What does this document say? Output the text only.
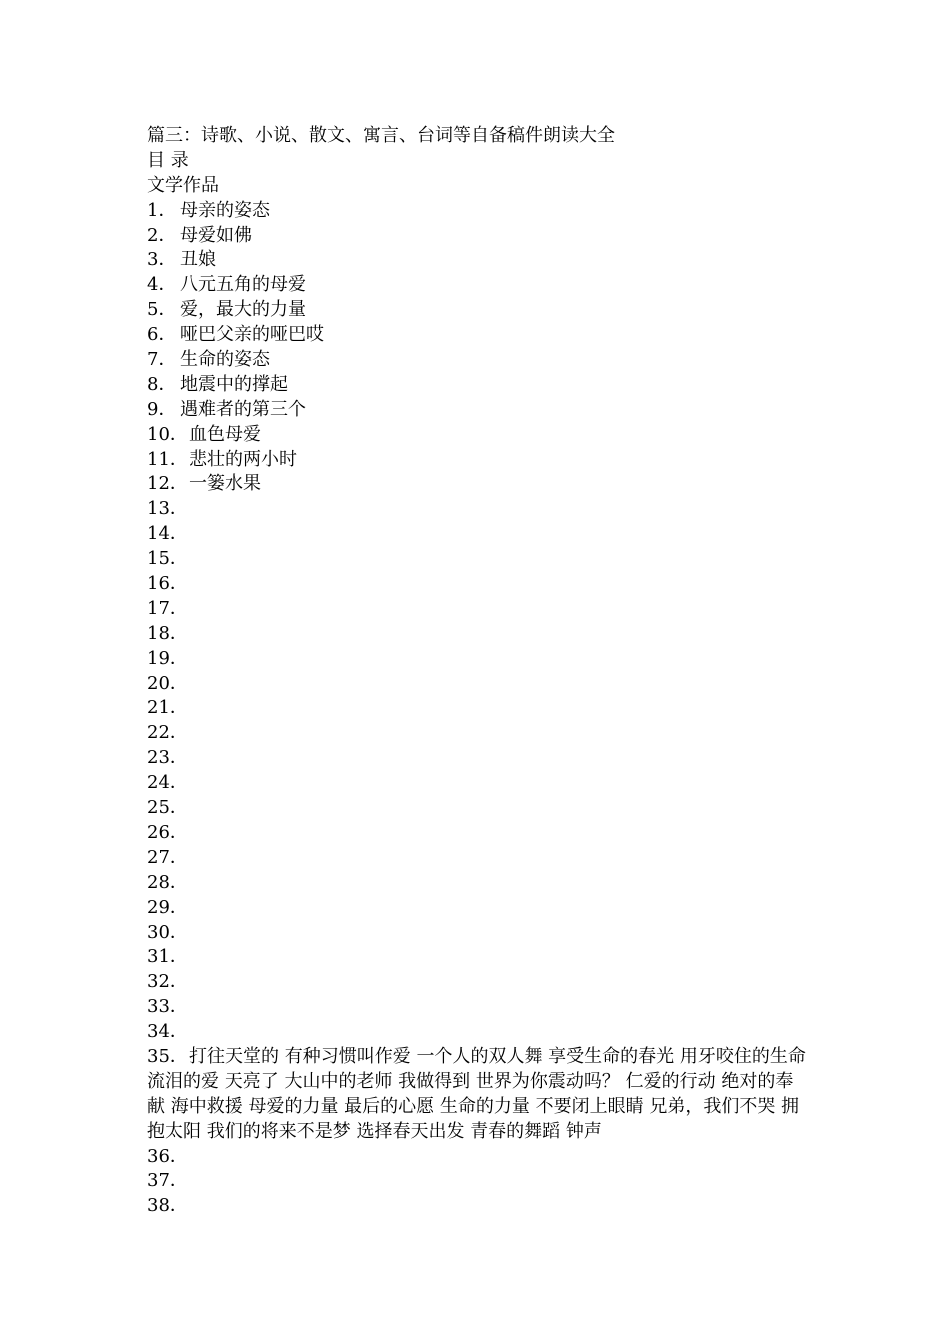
篇三：诗歌、小说、散文、寓言、台词等自备稿件朗读大全
目 录
文学作品
1． 母亲的姿态
2． 母爱如佛
3． 丑娘
4． 八元五角的母爱
5． 爱，最大的力量
6． 哑巴父亲的哑巴哎
7． 生命的姿态
8． 地震中的撑起
9． 遇难者的第三个
10．血色母爱
11．悲壮的两小时
12．一篓水果
13．
14．
15．
16．
17．
18．
19．
20．
21．
22．
23．
24．
25．
26．
27．
28．
29．
30．
31．
32．
33．
34．
35．打往天堂的 有种习惯叫作爱 一个人的双人舞 享受生命的春光 用牙咬住的生命 流泪的爱 天亮了 大山中的老师 我做得到 世界为你震动吗？ 仁爱的行动 绝对的奉献 海中救援 母爱的力量 最后的心愿 生命的力量 不要闭上眼睛 兄弟，我们不哭 拥抱太阳 我们的将来不是梦 选择春天出发 青春的舞蹈 钟声
36．
37．
38．
